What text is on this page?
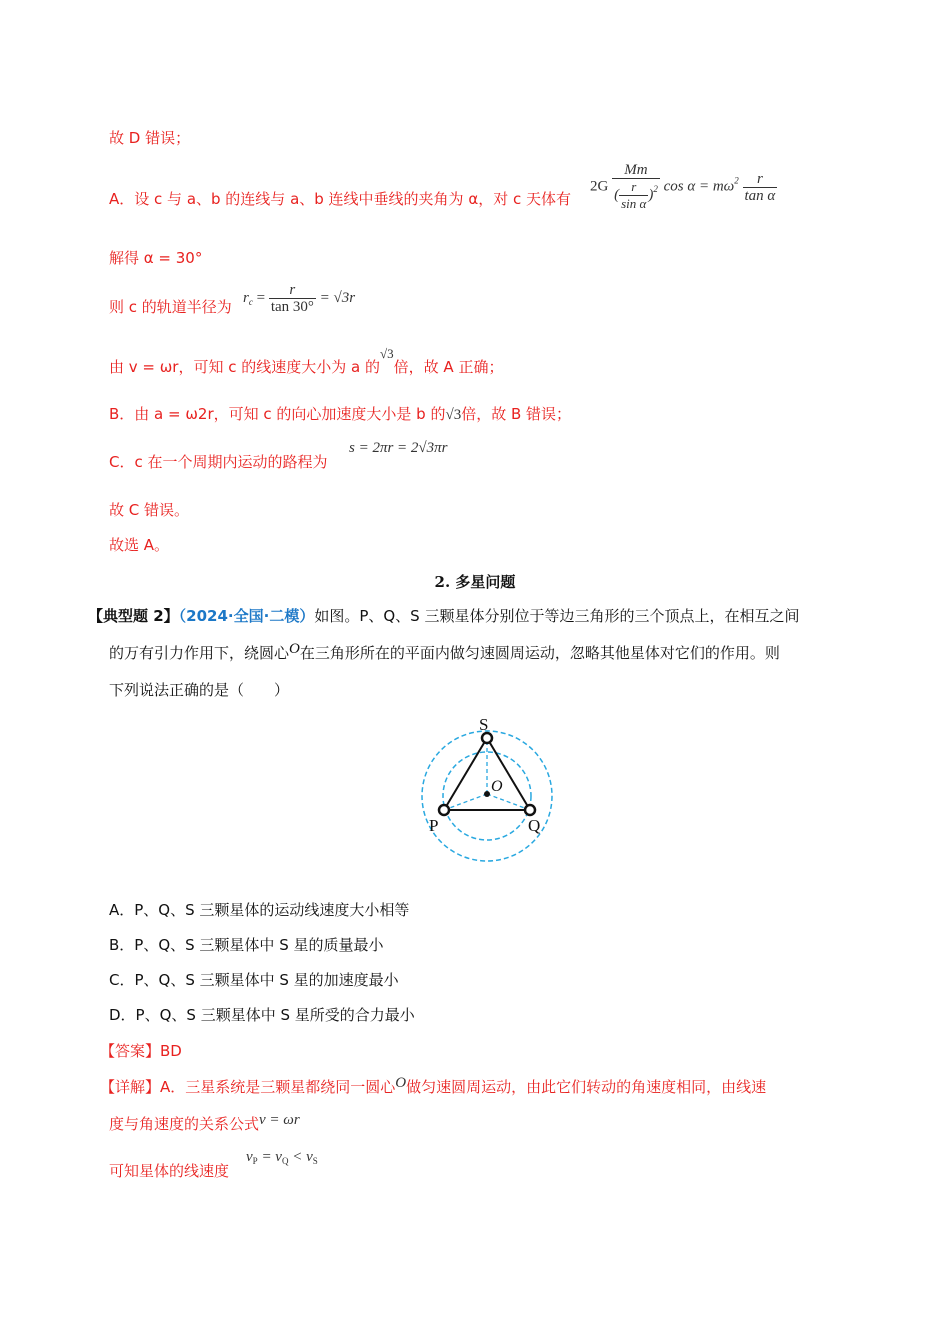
故 D 错误；
A．设 c 与 a、b 的连线与 a、b 连线中垂线的夹角为 α，对 c 天体有
$2G \frac{Mm}{( \frac{r}{\text{sin α}} )^2}$ $\cos \alpha = m\omega^2 \frac{r}{\text{tan α}}$
解得 α = 30°
则 c 的轨道半径为
$r_c = \frac{r}{\tan 30^\circ} = √3r$
由 v = ωr，可知 c 的线速度大小为 a 的√3倍，故 A 正确；
B．由 a = ω2r，可知 c 的向心加速度大小是 b 的√3倍，故 B 错误；
C．c 在一个周期内运动的路程为
s = 2πr = 2√3πr
故 C 错误。
故选 A。
2. 多星问题
【典型题 2】（2024·全国·二模）如图。P、Q、S 三颗星体分别位于等边三角形的三个顶点上，在相互之间
的万有引力作用下，绕圆心O在三角形所在的平面内做匀速圆周运动，忽略其他星体对它们的作用。则
下列说法正确的是（　　）
S
O
P	Q
A．P、Q、S 三颗星体的运动线速度大小相等
B．P、Q、S 三颗星体中 S 星的质量最小
C．P、Q、S 三颗星体中 S 星的加速度最小
D．P、Q、S 三颗星体中 S 星所受的合力最小
【答案】BD
【详解】A．三星系统是三颗星都绕同一圆心O做匀速圆周运动，由此它们转动的角速度相同，由线速
度与角速度的关系公式v = ωr
可知星体的线速度
$v_P = v_Q < v_S$
